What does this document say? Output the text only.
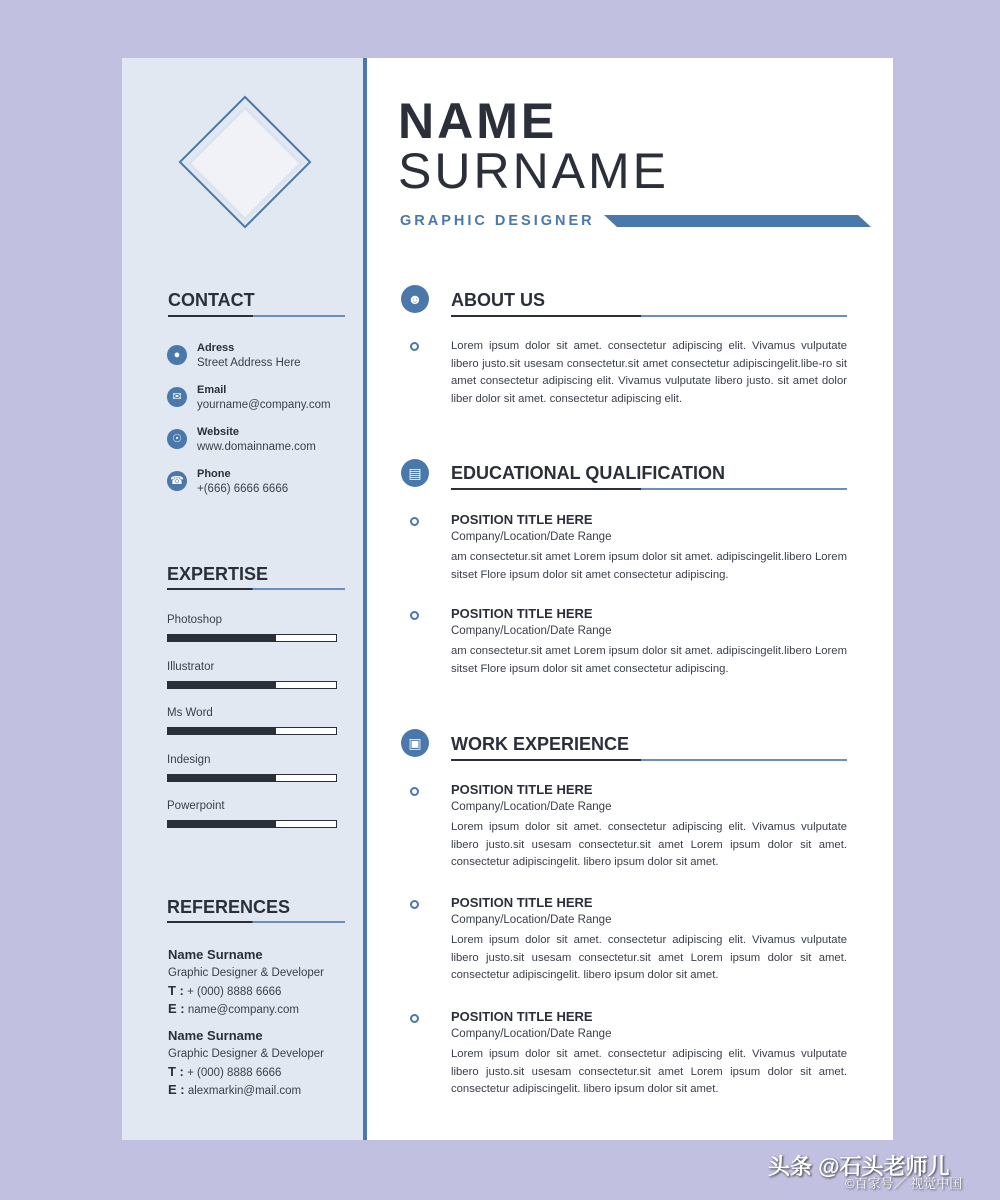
NAME
SURNAME
GRAPHIC DESIGNER
CONTACT
●
Adress
Street Address Here
✉
Email
yourname@company.com
☉
Website
www.domainname.com
☎
Phone
+(666) 6666 6666
EXPERTISE
Photoshop
Illustrator
Ms Word
Indesign
Powerpoint
REFERENCES
Name Surname
Graphic Designer & Developer
T : + (000) 8888 6666
E : name@company.com
Name Surname
Graphic Designer & Developer
T : + (000) 8888 6666
E : alexmarkin@mail.com
☻	ABOUT US
Lorem ipsum dolor sit amet. consectetur adipiscing elit. Vivamus vulputate libero justo.sit usesam consectetur.sit amet consectetur adipiscingelit.libe-ro sit amet consectetur adipiscing elit. Vivamus vulputate libero justo. sit amet dolor liber dolor sit amet. consectetur adipiscing elit.
▤	EDUCATIONAL QUALIFICATION
POSITION TITLE HERE
Company/Location/Date Range
am consectetur.sit amet Lorem ipsum dolor sit amet. adipiscingelit.libero Lorem sitset Flore ipsum dolor sit amet consectetur adipiscing.
POSITION TITLE HERE
Company/Location/Date Range
am consectetur.sit amet Lorem ipsum dolor sit amet. adipiscingelit.libero Lorem sitset Flore ipsum dolor sit amet consectetur adipiscing.
▣	WORK EXPERIENCE
POSITION TITLE HERE
Company/Location/Date Range
Lorem ipsum dolor sit amet. consectetur adipiscing elit. Vivamus vulputate libero justo.sit usesam consectetur.sit amet Lorem ipsum dolor sit amet. consectetur adipiscingelit. libero ipsum dolor sit amet.
POSITION TITLE HERE
Company/Location/Date Range
Lorem ipsum dolor sit amet. consectetur adipiscing elit. Vivamus vulputate libero justo.sit usesam consectetur.sit amet Lorem ipsum dolor sit amet. consectetur adipiscingelit. libero ipsum dolor sit amet.
POSITION TITLE HERE
Company/Location/Date Range
Lorem ipsum dolor sit amet. consectetur adipiscing elit. Vivamus vulputate libero justo.sit usesam consectetur.sit amet Lorem ipsum dolor sit amet. consectetur adipiscingelit. libero ipsum dolor sit amet.
头条 @石头老师儿
©百家号／ 视觉中国
